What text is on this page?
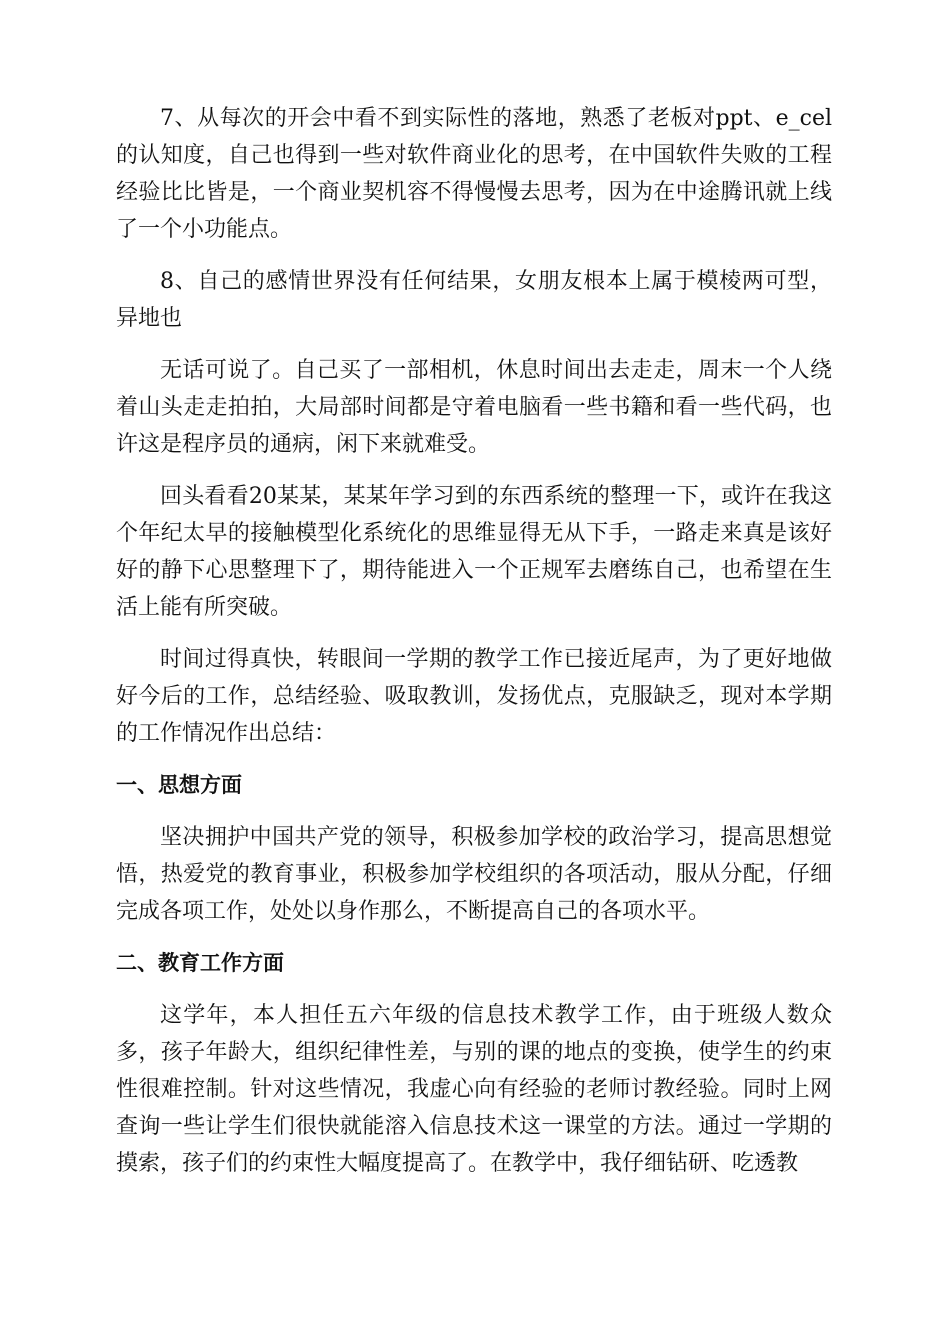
7、从每次的开会中看不到实际性的落地，熟悉了老板对ppt、e_cel的认知度，自己也得到一些对软件商业化的思考，在中国软件失败的工程经验比比皆是，一个商业契机容不得慢慢去思考，因为在中途腾讯就上线了一个小功能点。

8、自己的感情世界没有任何结果，女朋友根本上属于模棱两可型，异地也

无话可说了。自己买了一部相机，休息时间出去走走，周末一个人绕着山头走走拍拍，大局部时间都是守着电脑看一些书籍和看一些代码，也许这是程序员的通病，闲下来就难受。

回头看看20某某，某某年学习到的东西系统的整理一下，或许在我这个年纪太早的接触模型化系统化的思维显得无从下手，一路走来真是该好好的静下心思整理下了，期待能进入一个正规军去磨练自己，也希望在生活上能有所突破。

时间过得真快，转眼间一学期的教学工作已接近尾声，为了更好地做好今后的工作，总结经验、吸取教训，发扬优点，克服缺乏，现对本学期的工作情况作出总结：

一、思想方面

坚决拥护中国共产党的领导，积极参加学校的政治学习，提高思想觉悟，热爱党的教育事业，积极参加学校组织的各项活动，服从分配，仔细完成各项工作，处处以身作那么，不断提高自己的各项水平。

二、教育工作方面

这学年，本人担任五六年级的信息技术教学工作，由于班级人数众多，孩子年龄大，组织纪律性差，与别的课的地点的变换，使学生的约束性很难控制。针对这些情况，我虚心向有经验的老师讨教经验。同时上网查询一些让学生们很快就能溶入信息技术这一课堂的方法。通过一学期的摸索，孩子们的约束性大幅度提高了。在教学中，我仔细钻研、吃透教
